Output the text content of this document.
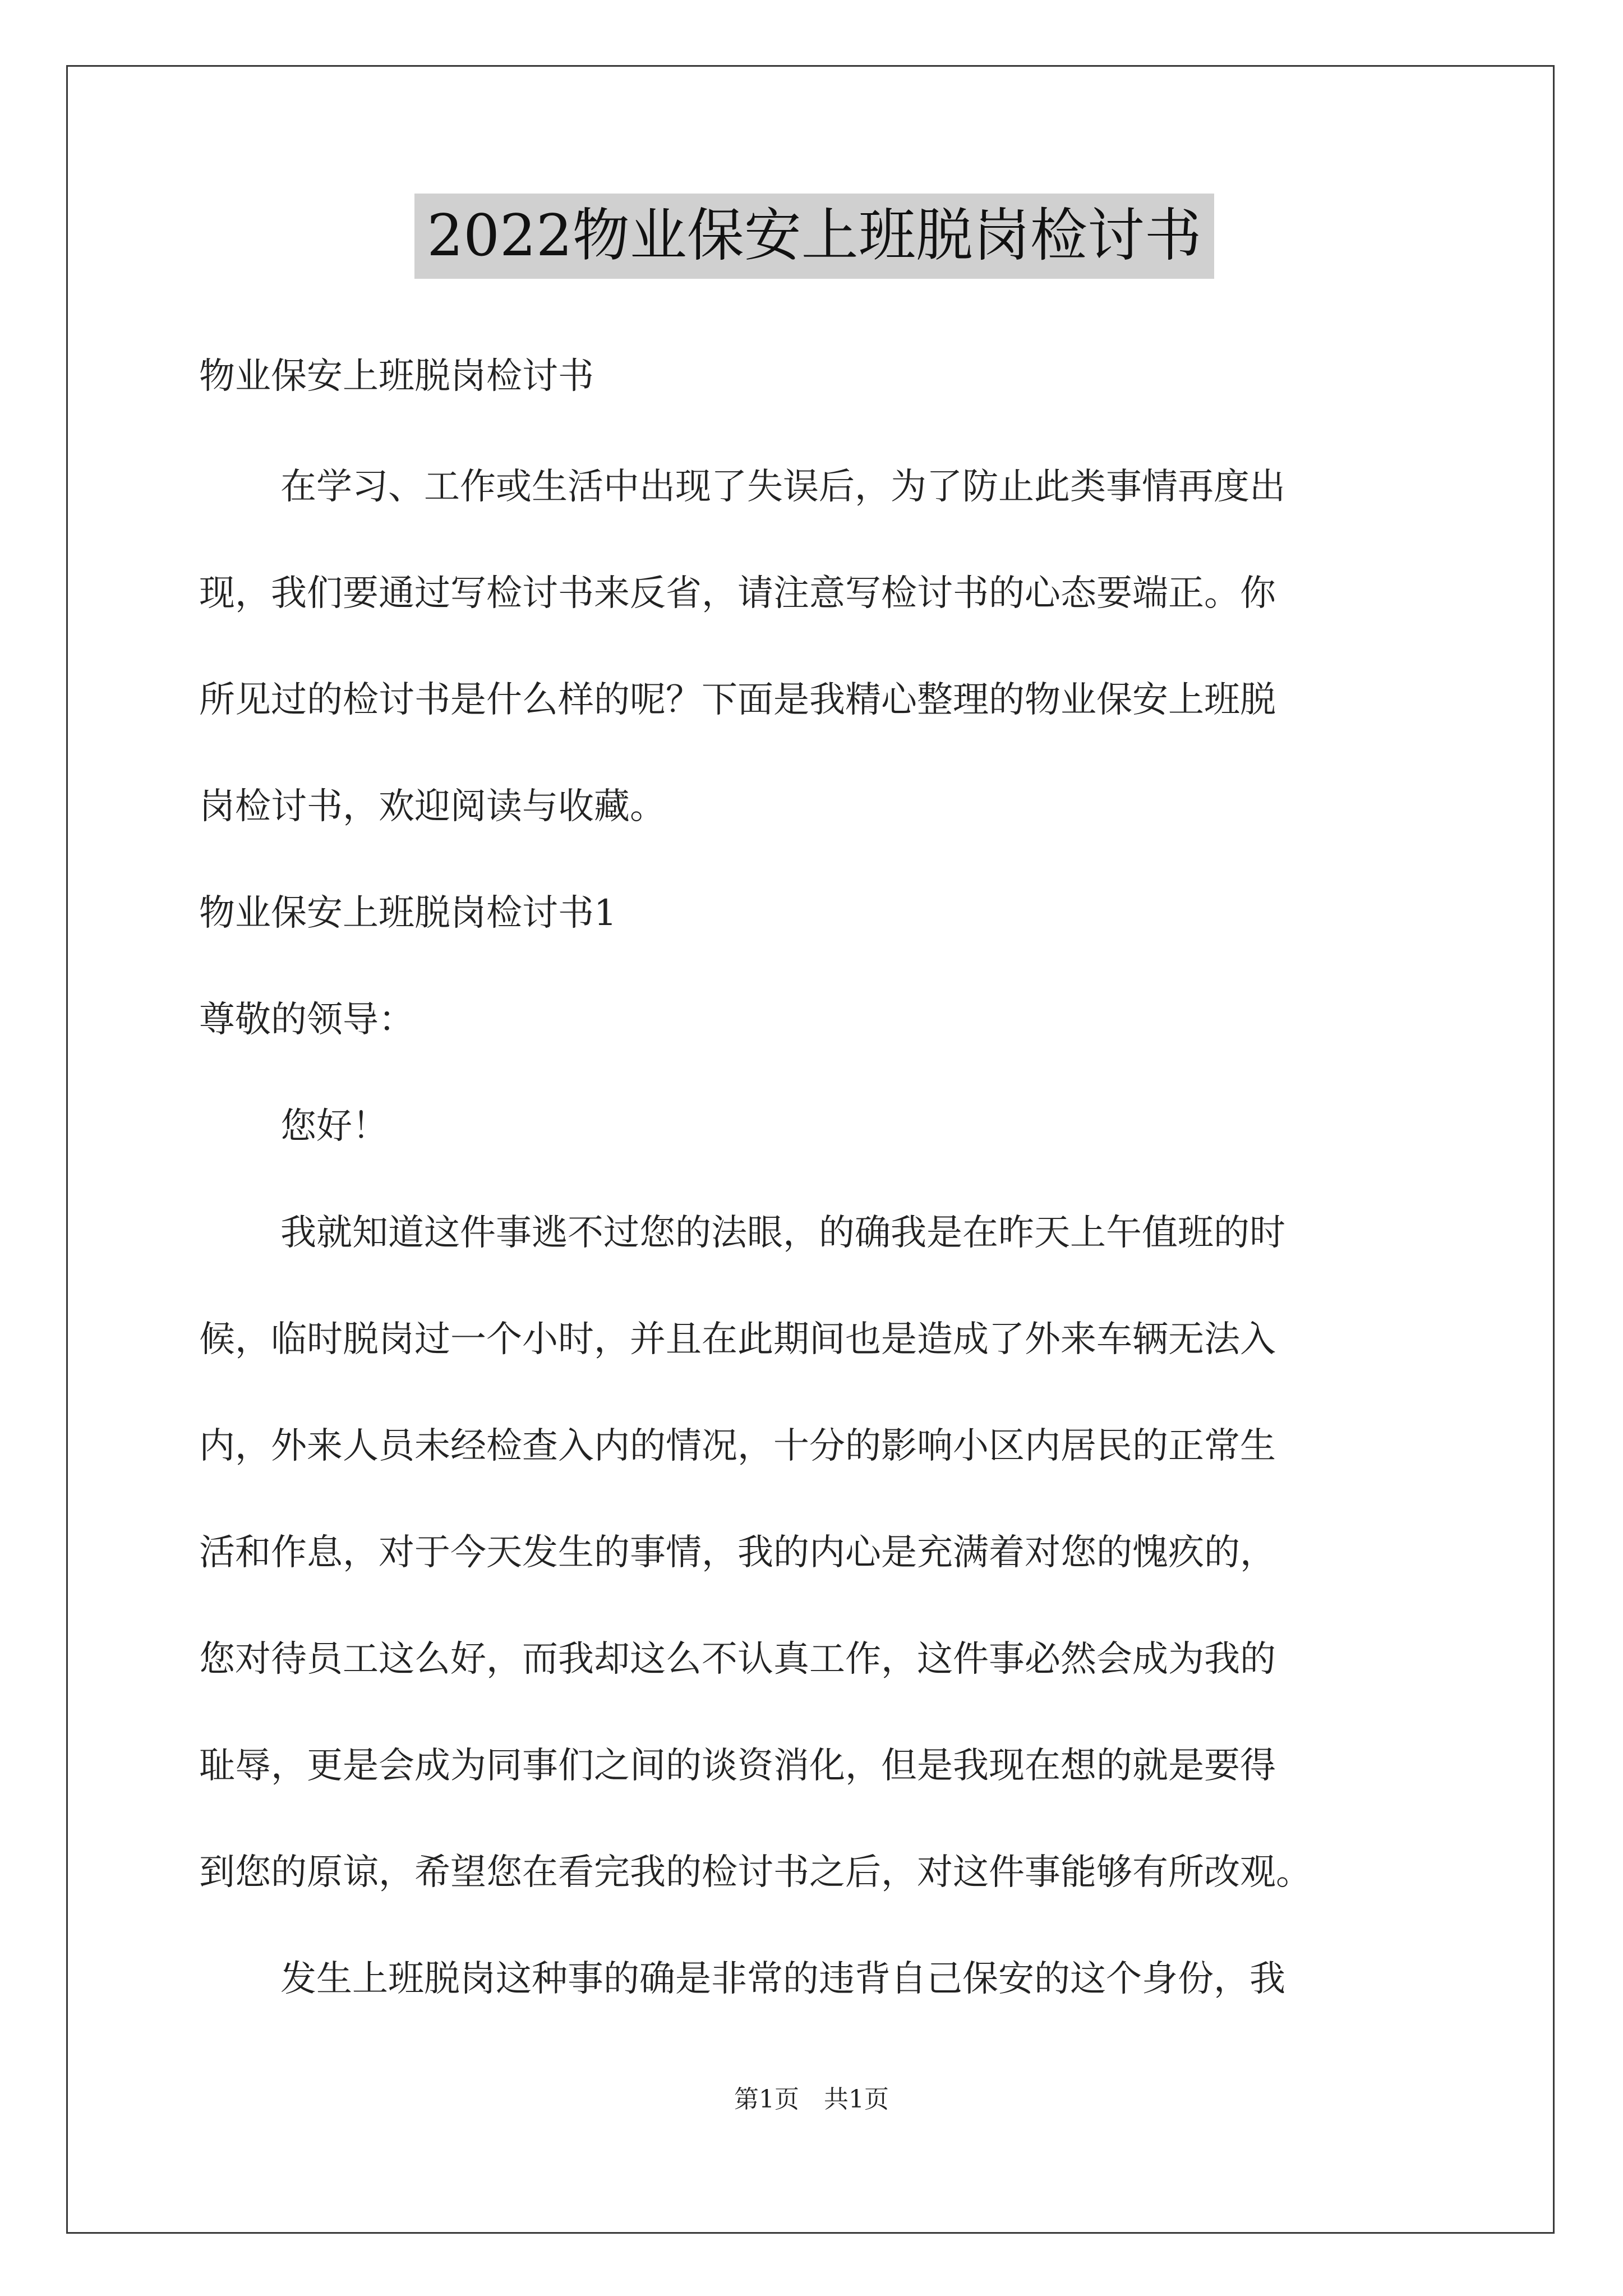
2022物业保安上班脱岗检讨书
物业保安上班脱岗检讨书
在学习、工作或生活中出现了失误后，为了防止此类事情再度出
现，我们要通过写检讨书来反省，请注意写检讨书的心态要端正。你
所见过的检讨书是什么样的呢？下面是我精心整理的物业保安上班脱
岗检讨书，欢迎阅读与收藏。
物业保安上班脱岗检讨书1
尊敬的领导：
您好！
我就知道这件事逃不过您的法眼，的确我是在昨天上午值班的时
候，临时脱岗过一个小时，并且在此期间也是造成了外来车辆无法入
内，外来人员未经检查入内的情况，十分的影响小区内居民的正常生
活和作息，对于今天发生的事情，我的内心是充满着对您的愧疚的，
您对待员工这么好，而我却这么不认真工作，这件事必然会成为我的
耻辱，更是会成为同事们之间的谈资消化，但是我现在想的就是要得
到您的原谅，希望您在看完我的检讨书之后，对这件事能够有所改观。
发生上班脱岗这种事的确是非常的违背自己保安的这个身份，我
第1页　共1页
